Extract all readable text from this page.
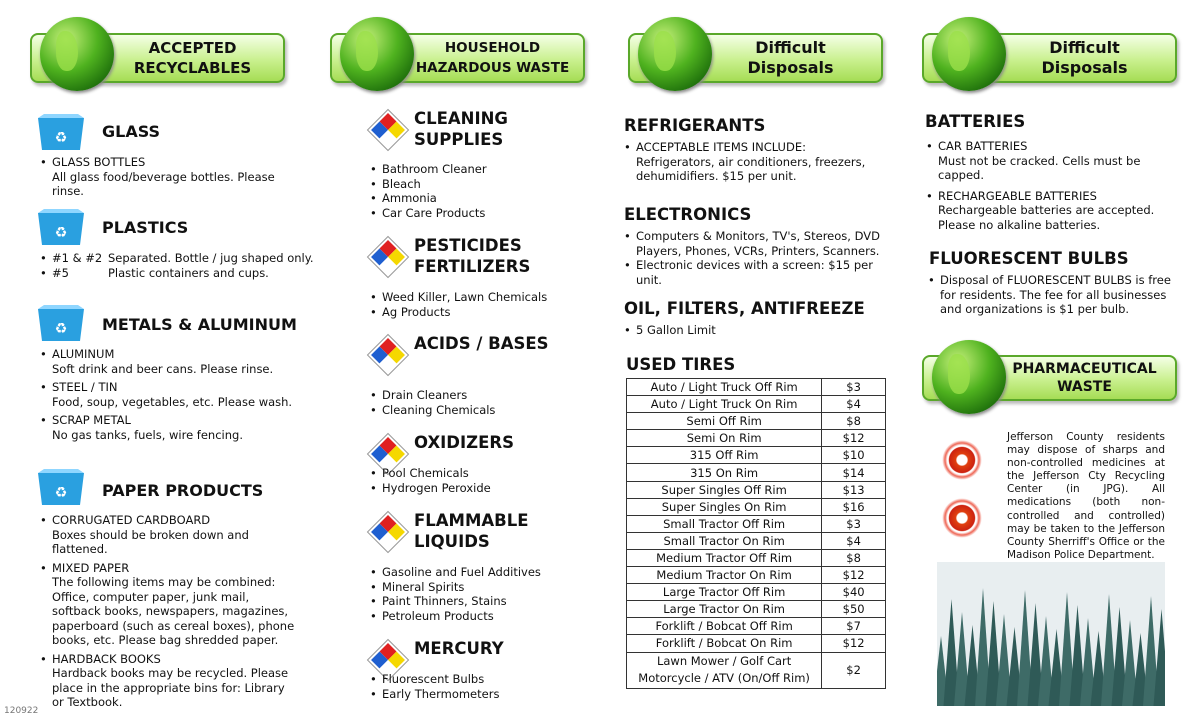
ACCEPTED RECYCLABLES
HOUSEHOLD HAZARDOUS WASTE
Difficult Disposals
Difficult Disposals
♻ GLASS
• GLASS BOTTLES
All glass food/beverage bottles. Please rinse.
♻ PLASTICS
• #1 & #2 Separated. Bottle / jug shaped only.
• #5	Plastic containers and cups.
♻ METALS & ALUMINUM
• ALUMINUM
Soft drink and beer cans. Please rinse.
• STEEL / TIN
Food, soup, vegetables, etc. Please wash.
• SCRAP METAL
No gas tanks, fuels, wire fencing.
♻ PAPER PRODUCTS
• CORRUGATED CARDBOARD
Boxes should be broken down and flattened.
• MIXED PAPER
The following items may be combined: Office, computer paper, junk mail, softback books, newspapers, magazines, paperboard (such as cereal boxes), phone books, etc. Please bag shredded paper.
• HARDBACK BOOKS
Hardback books may be recycled. Please place in the appropriate bins for: Library or Textbook.
CLEANING SUPPLIES
• Bathroom Cleaner
• Bleach
• Ammonia
• Car Care Products
PESTICIDES FERTILIZERS
• Weed Killer, Lawn Chemicals
• Ag Products
ACIDS / BASES
• Drain Cleaners
• Cleaning Chemicals
OXIDIZERS
• Pool Chemicals
• Hydrogen Peroxide
FLAMMABLE LIQUIDS
• Gasoline and Fuel Additives
• Mineral Spirits
• Paint Thinners, Stains
• Petroleum Products
MERCURY
• Fluorescent Bulbs
• Early Thermometers
REFRIGERANTS
• ACCEPTABLE ITEMS INCLUDE:
Refrigerators, air conditioners, freezers, dehumidifiers. $15 per unit.
ELECTRONICS
• Computers & Monitors, TV's, Stereos, DVD Players, Phones, VCRs, Printers, Scanners.
• Electronic devices with a screen: $15 per unit.
OIL, FILTERS, ANTIFREEZE
• 5 Gallon Limit
USED TIRES
Auto / Light Truck Off Rim	$3
Auto / Light Truck On Rim	$4
Semi Off Rim	$8
Semi On Rim	$12
315 Off Rim	$10
315 On Rim	$14
Super Singles Off Rim	$13
Super Singles On Rim	$16
Small Tractor Off Rim	$3
Small Tractor On Rim	$4
Medium Tractor Off Rim	$8
Medium Tractor On Rim	$12
Large Tractor Off Rim	$40
Large Tractor On Rim	$50
Forklift / Bobcat Off Rim	$7
Forklift / Bobcat On Rim	$12
Lawn Mower / Golf Cart
Motorcycle / ATV (On/Off Rim)	$2
BATTERIES
• CAR BATTERIES
Must not be cracked. Cells must be capped.
• RECHARGEABLE BATTERIES
Rechargeable batteries are accepted. Please no alkaline batteries.
FLUORESCENT BULBS
• Disposal of FLUORESCENT BULBS is free for residents. The fee for all businesses and organizations is $1 per bulb.
PHARMACEUTICAL WASTE
Jefferson County residents may dispose of sharps and non-controlled medicines at the Jefferson Cty Recycling Center (in JPG). All medications (both non-controlled and controlled) may be taken to the Jefferson County Sherriff's Office or the Madison Police Department.
120922
